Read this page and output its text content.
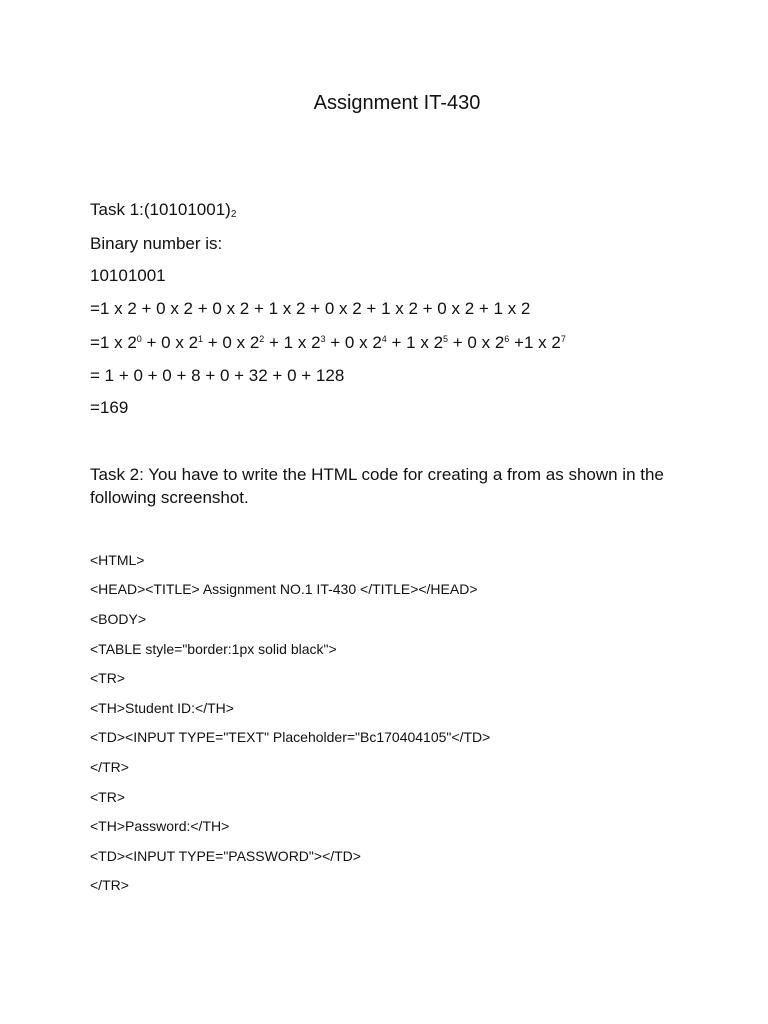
Assignment IT-430

Task $1:(10101001)_2$

Binary number is:

10101001

=1 x 2 + 0 x 2 + 0 x 2 + 1 x 2 + 0 x 2 + 1 x 2 + 0 x 2 + 1 x 2

=1 x $2^0 + 0$ x $2^1 + 0$ x $2^2 + 1$ x $2^3 + 0$ x $2^4 + 1$ x $2^5 + 0$ x $2^6 +1$ x $2^7$

= 1 + 0 + 0 + 8 + 0 + 32 + 0 + 128

=169

Task 2: You have to write the HTML code for creating a from as shown in the following screenshot.

<HTML>

<HEAD><TITLE> Assignment NO.1 IT-430 </TITLE></HEAD>

<BODY>

<TABLE style="border:1px solid black">

<TR>

<TH>Student ID:</TH>

<TD><INPUT TYPE="TEXT" Placeholder="Bc170404105"</TD>

</TR>

<TR>

<TH>Password:</TH>

<TD><INPUT TYPE="PASSWORD"></TD>

</TR>
